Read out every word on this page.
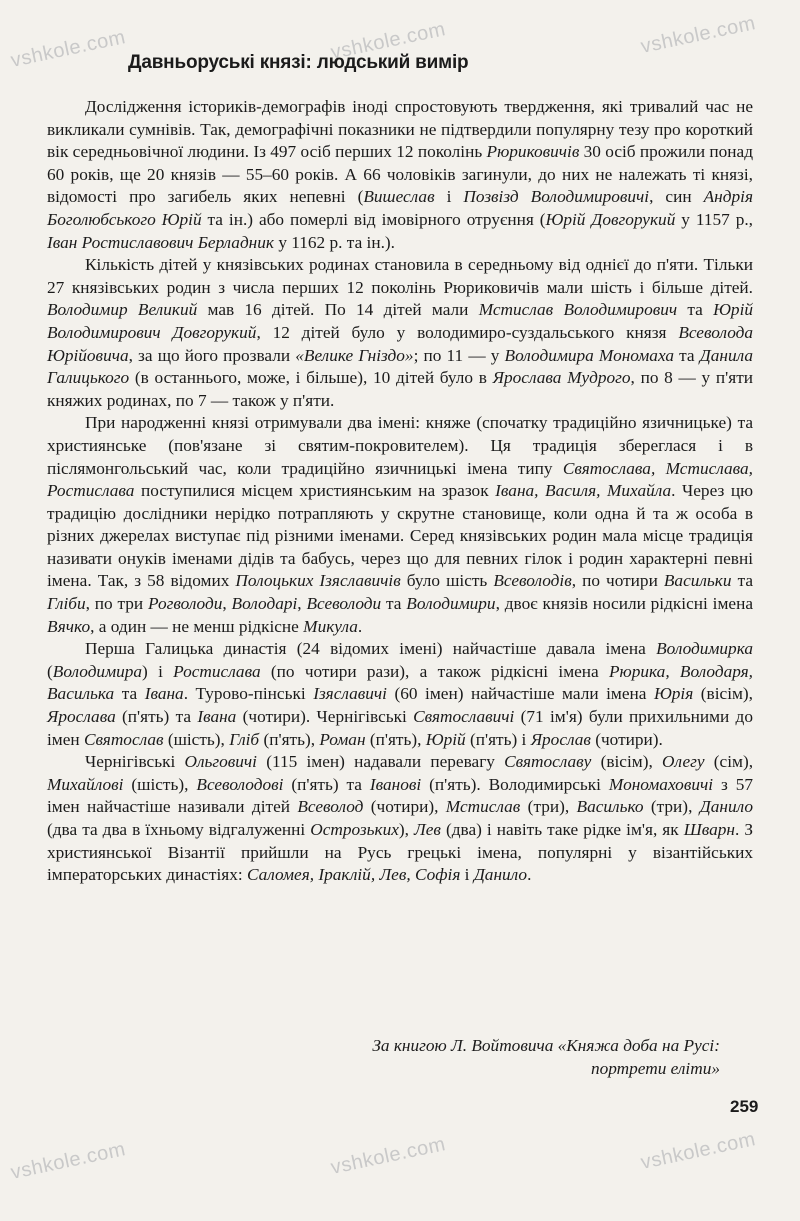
vshkole.com	vshkole.com	vshkole.com
vshkole.com	vshkole.com	vshkole.com
Давньоруські князі: людський вимір

Дослідження істориків-демографів іноді спростовують твердження, які тривалий час не викликали сумнівів. Так, демографічні показники не підтвердили популярну тезу про короткий вік середньовічної людини. Із 497 осіб перших 12 поколінь Рюриковичів 30 осіб прожили понад 60 років, ще 20 князів — 55–60 років. А 66 чоловіків загинули, до них не належать ті князі, відомості про загибель яких непевні (Вишеслав і Позвізд Володимировичі, син Андрія Боголюбського Юрій та ін.) або померлі від імовірного отруєння (Юрій Довгорукий у 1157 р., Іван Ростиславович Берладник у 1162 р. та ін.).

Кількість дітей у князівських родинах становила в середньому від однієї до п'яти. Тільки 27 князівських родин з числа перших 12 поколінь Рюриковичів мали шість і більше дітей. Володимир Великий мав 16 дітей. По 14 дітей мали Мстислав Володимирович та Юрій Володимирович Довгорукий, 12 дітей було у володимиро-суздальського князя Всеволода Юрійовича, за що його прозвали «Велике Гніздо»; по 11 — у Володимира Мономаха та Данила Галицького (в останнього, може, і більше), 10 дітей було в Ярослава Мудрого, по 8 — у п'яти княжих родинах, по 7 — також у п'яти.

При народженні князі отримували два імені: княже (спочатку традиційно язичницьке) та християнське (пов'язане зі святим-покровителем). Ця традиція збереглася і в післямонгольський час, коли традиційно язичницькі імена типу Святослава, Мстислава, Ростислава поступилися місцем християнським на зразок Івана, Василя, Михайла. Через цю традицію дослідники нерідко потрапляють у скрутне становище, коли одна й та ж особа в різних джерелах виступає під різними іменами. Серед князівських родин мала місце традиція називати онуків іменами дідів та бабусь, через що для певних гілок і родин характерні певні імена. Так, з 58 відомих Полоцьких Ізяславичів було шість Всеволодів, по чотири Васильки та Гліби, по три Рогволоди, Володарі, Всеволоди та Володимири, двоє князів носили рідкісні імена Вячко, а один — не менш рідкісне Микула.

Перша Галицька династія (24 відомих імені) найчастіше давала імена Володимирка (Володимира) і Ростислава (по чотири рази), а також рідкісні імена Рюрика, Володаря, Василька та Івана. Турово-пінські Ізяславичі (60 імен) найчастіше мали імена Юрія (вісім), Ярослава (п'ять) та Івана (чотири). Чернігівські Святославичі (71 ім'я) були прихильними до імен Святослав (шість), Гліб (п'ять), Роман (п'ять), Юрій (п'ять) і Ярослав (чотири).

Чернігівські Ольговичі (115 імен) надавали перевагу Святославу (вісім), Олегу (сім), Михайлові (шість), Всеволодові (п'ять) та Іванові (п'ять). Володимирські Мономаховичі з 57 імен найчастіше називали дітей Всеволод (чотири), Мстислав (три), Василько (три), Данило (два та два в їхньому відгалуженні Острозьких), Лев (два) і навіть таке рідке ім'я, як Шварн. З християнської Візантії прийшли на Русь грецькі імена, популярні у візантійських імператорських династіях: Саломея, Іраклій, Лев, Софія і Данило.

За книгою Л. Войтовича «Княжа доба на Русі:
портрети еліти»
259
